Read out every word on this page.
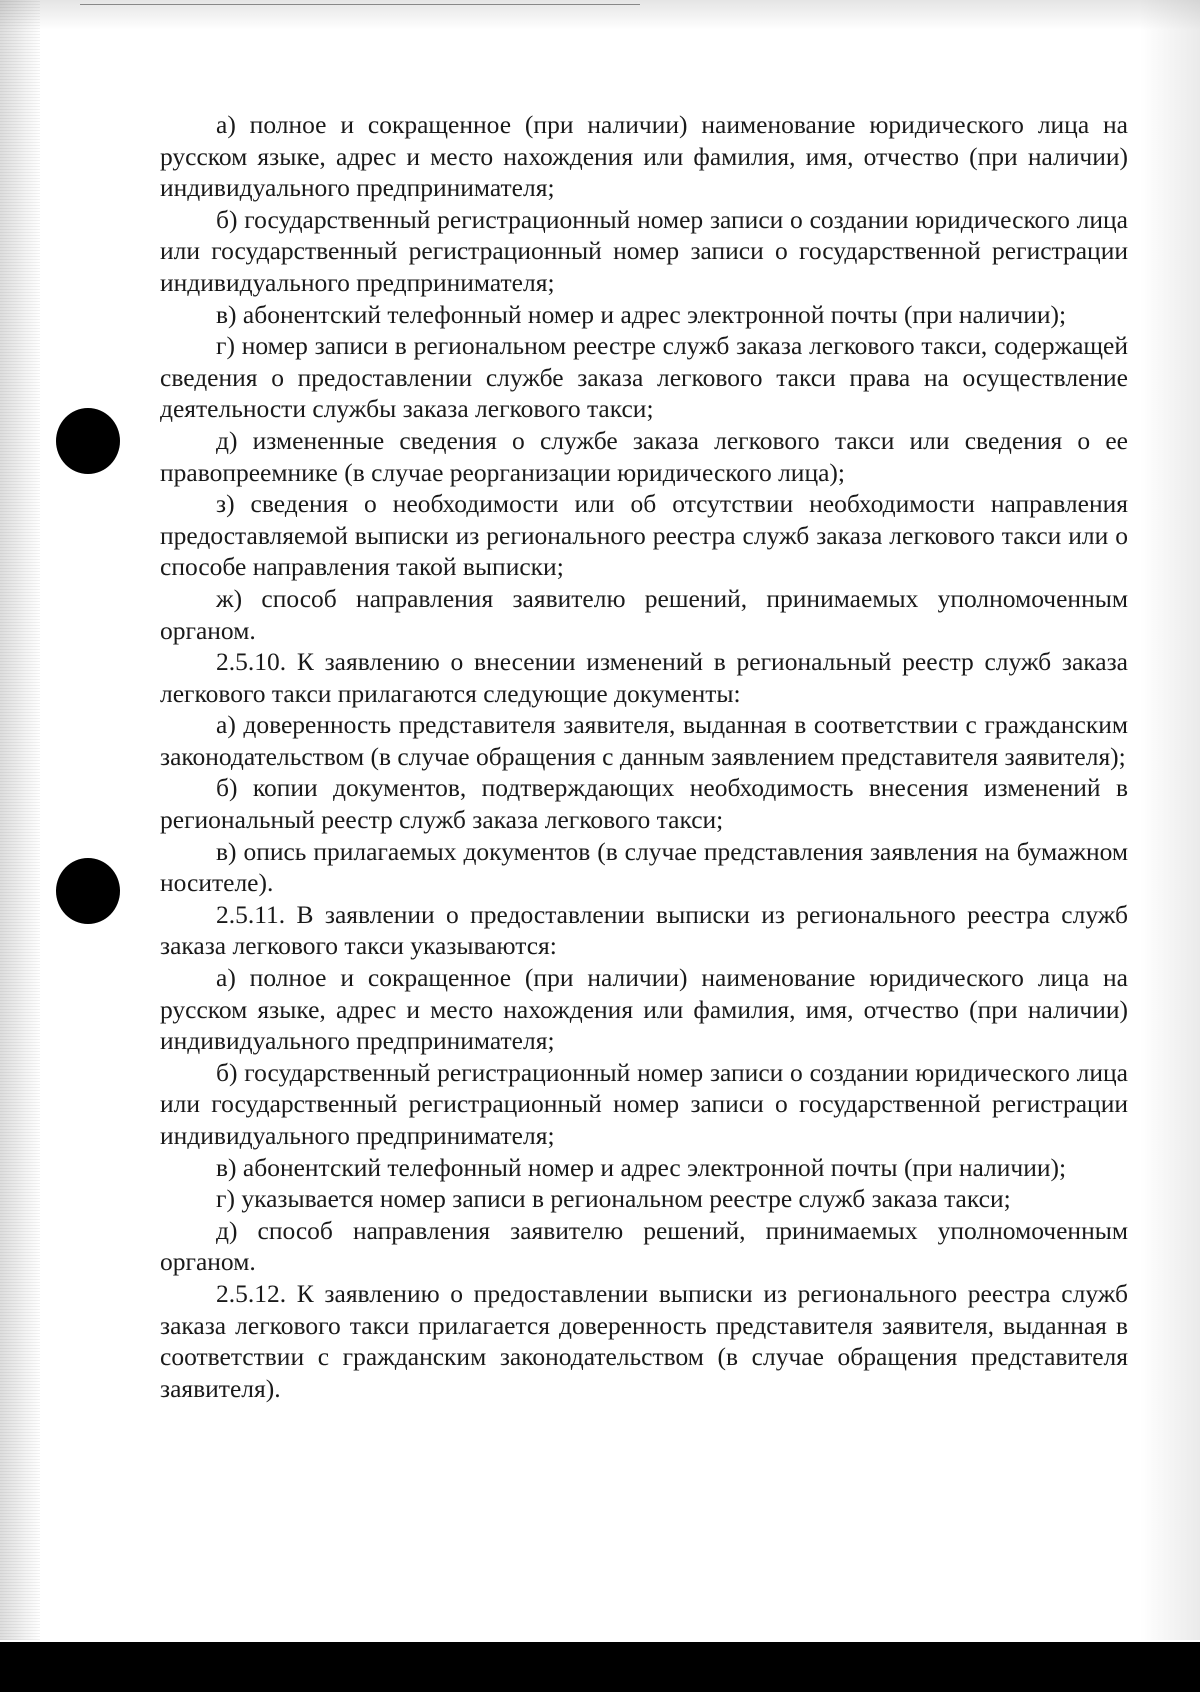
а) полное и сокращенное (при наличии) наименование юридического лица на русском языке, адрес и место нахождения или фамилия, имя, отчество (при наличии) индивидуального предпринимателя;

б) государственный регистрационный номер записи о создании юридического лица или государственный регистрационный номер записи о государственной регистрации индивидуального предпринимателя;

в) абонентский телефонный номер и адрес электронной почты (при наличии);

г) номер записи в региональном реестре служб заказа легкового такси, содержащей сведения о предоставлении службе заказа легкового такси права на осуществление деятельности службы заказа легкового такси;

д) измененные сведения о службе заказа легкового такси или сведения о ее правопреемнике (в случае реорганизации юридического лица);

з) сведения о необходимости или об отсутствии необходимости направления предоставляемой выписки из регионального реестра служб заказа легкового такси или о способе направления такой выписки;

ж) способ направления заявителю решений, принимаемых уполномоченным органом.

2.5.10. К заявлению о внесении изменений в региональный реестр служб заказа легкового такси прилагаются следующие документы:

а) доверенность представителя заявителя, выданная в соответствии с гражданским законодательством (в случае обращения с данным заявлением представителя заявителя);

б) копии документов, подтверждающих необходимость внесения изменений в региональный реестр служб заказа легкового такси;

в) опись прилагаемых документов (в случае представления заявления на бумажном носителе).

2.5.11. В заявлении о предоставлении выписки из регионального реестра служб заказа легкового такси указываются:

а) полное и сокращенное (при наличии) наименование юридического лица на русском языке, адрес и место нахождения или фамилия, имя, отчество (при наличии) индивидуального предпринимателя;

б) государственный регистрационный номер записи о создании юридического лица или государственный регистрационный номер записи о государственной регистрации индивидуального предпринимателя;

в) абонентский телефонный номер и адрес электронной почты (при наличии);

г) указывается номер записи в региональном реестре служб заказа такси;

д) способ направления заявителю решений, принимаемых уполномоченным органом.

2.5.12. К заявлению о предоставлении выписки из регионального реестра служб заказа легкового такси прилагается доверенность представителя заявителя, выданная в соответствии с гражданским законодательством (в случае обращения представителя заявителя).
